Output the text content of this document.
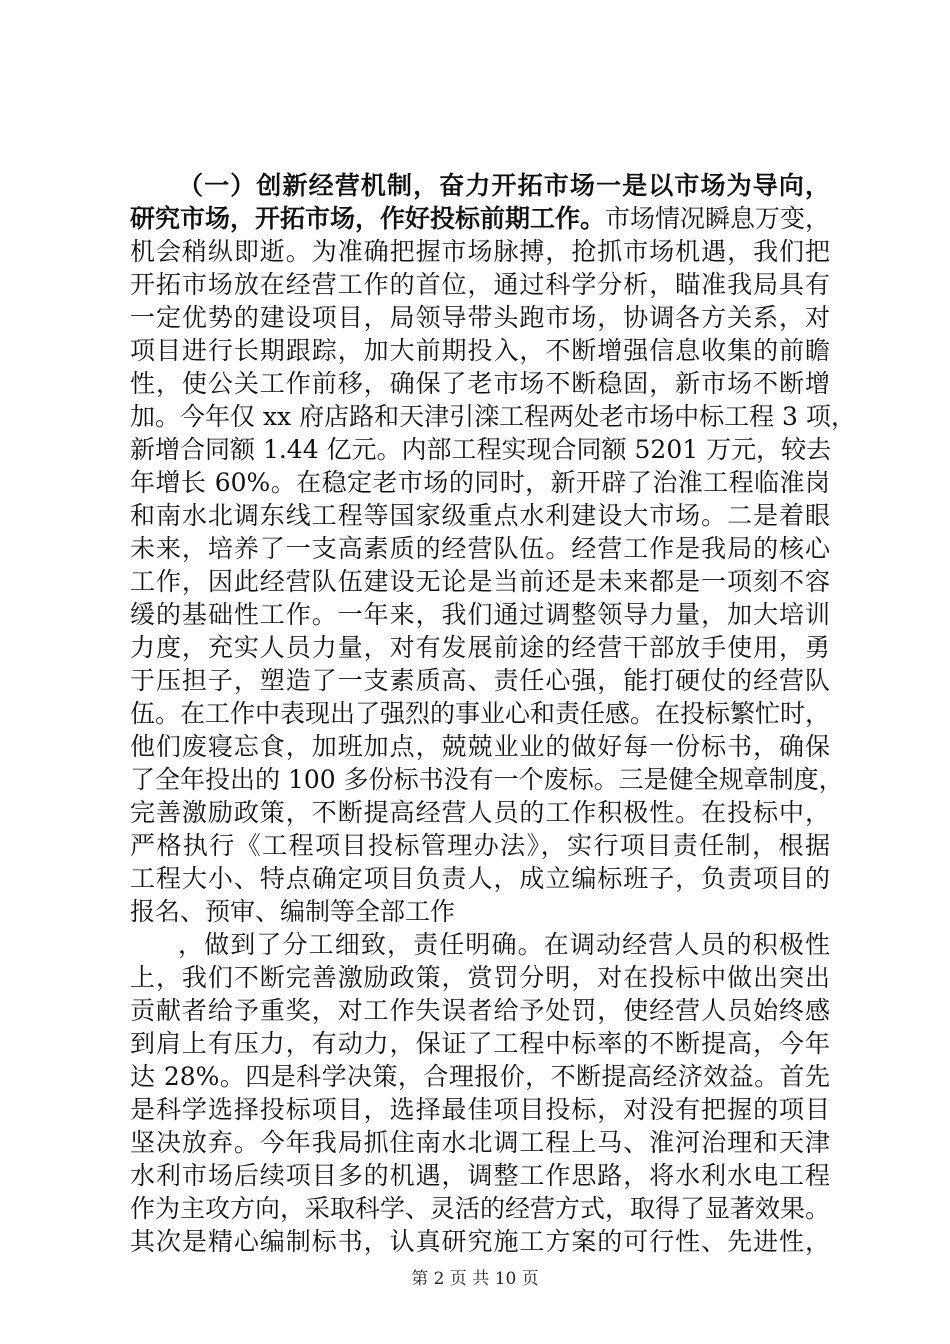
（一）创新经营机制，奋力开拓市场一是以市场为导向，
研究市场，开拓市场，作好投标前期工作。市场情况瞬息万变，
机会稍纵即逝。为准确把握市场脉搏，抢抓市场机遇，我们把
开拓市场放在经营工作的首位，通过科学分析，瞄准我局具有
一定优势的建设项目，局领导带头跑市场，协调各方关系，对
项目进行长期跟踪，加大前期投入，不断增强信息收集的前瞻
性，使公关工作前移，确保了老市场不断稳固，新市场不断增
加。今年仅 xx 府店路和天津引滦工程两处老市场中标工程 3 项，
新增合同额 1.44 亿元。内部工程实现合同额 5201 万元，较去
年增长 60%。在稳定老市场的同时，新开辟了治淮工程临淮岗
和南水北调东线工程等国家级重点水利建设大市场。二是着眼
未来，培养了一支高素质的经营队伍。经营工作是我局的核心
工作，因此经营队伍建设无论是当前还是未来都是一项刻不容
缓的基础性工作。一年来，我们通过调整领导力量，加大培训
力度，充实人员力量，对有发展前途的经营干部放手使用，勇
于压担子，塑造了一支素质高、责任心强，能打硬仗的经营队
伍。在工作中表现出了强烈的事业心和责任感。在投标繁忙时，
他们废寝忘食，加班加点，兢兢业业的做好每一份标书，确保
了全年投出的 100 多份标书没有一个废标。三是健全规章制度，
完善激励政策，不断提高经营人员的工作积极性。在投标中，
严格执行《工程项目投标管理办法》，实行项目责任制，根据
工程大小、特点确定项目负责人，成立编标班子，负责项目的
报名、预审、编制等全部工作
，做到了分工细致，责任明确。在调动经营人员的积极性
上，我们不断完善激励政策，赏罚分明，对在投标中做出突出
贡献者给予重奖，对工作失误者给予处罚，使经营人员始终感
到肩上有压力，有动力，保证了工程中标率的不断提高，今年
达 28%。四是科学决策，合理报价，不断提高经济效益。首先
是科学选择投标项目，选择最佳项目投标，对没有把握的项目
坚决放弃。今年我局抓住南水北调工程上马、淮河治理和天津
水利市场后续项目多的机遇，调整工作思路，将水利水电工程
作为主攻方向，采取科学、灵活的经营方式，取得了显著效果。
其次是精心编制标书，认真研究施工方案的可行性、先进性，
第 2 页 共 10 页
